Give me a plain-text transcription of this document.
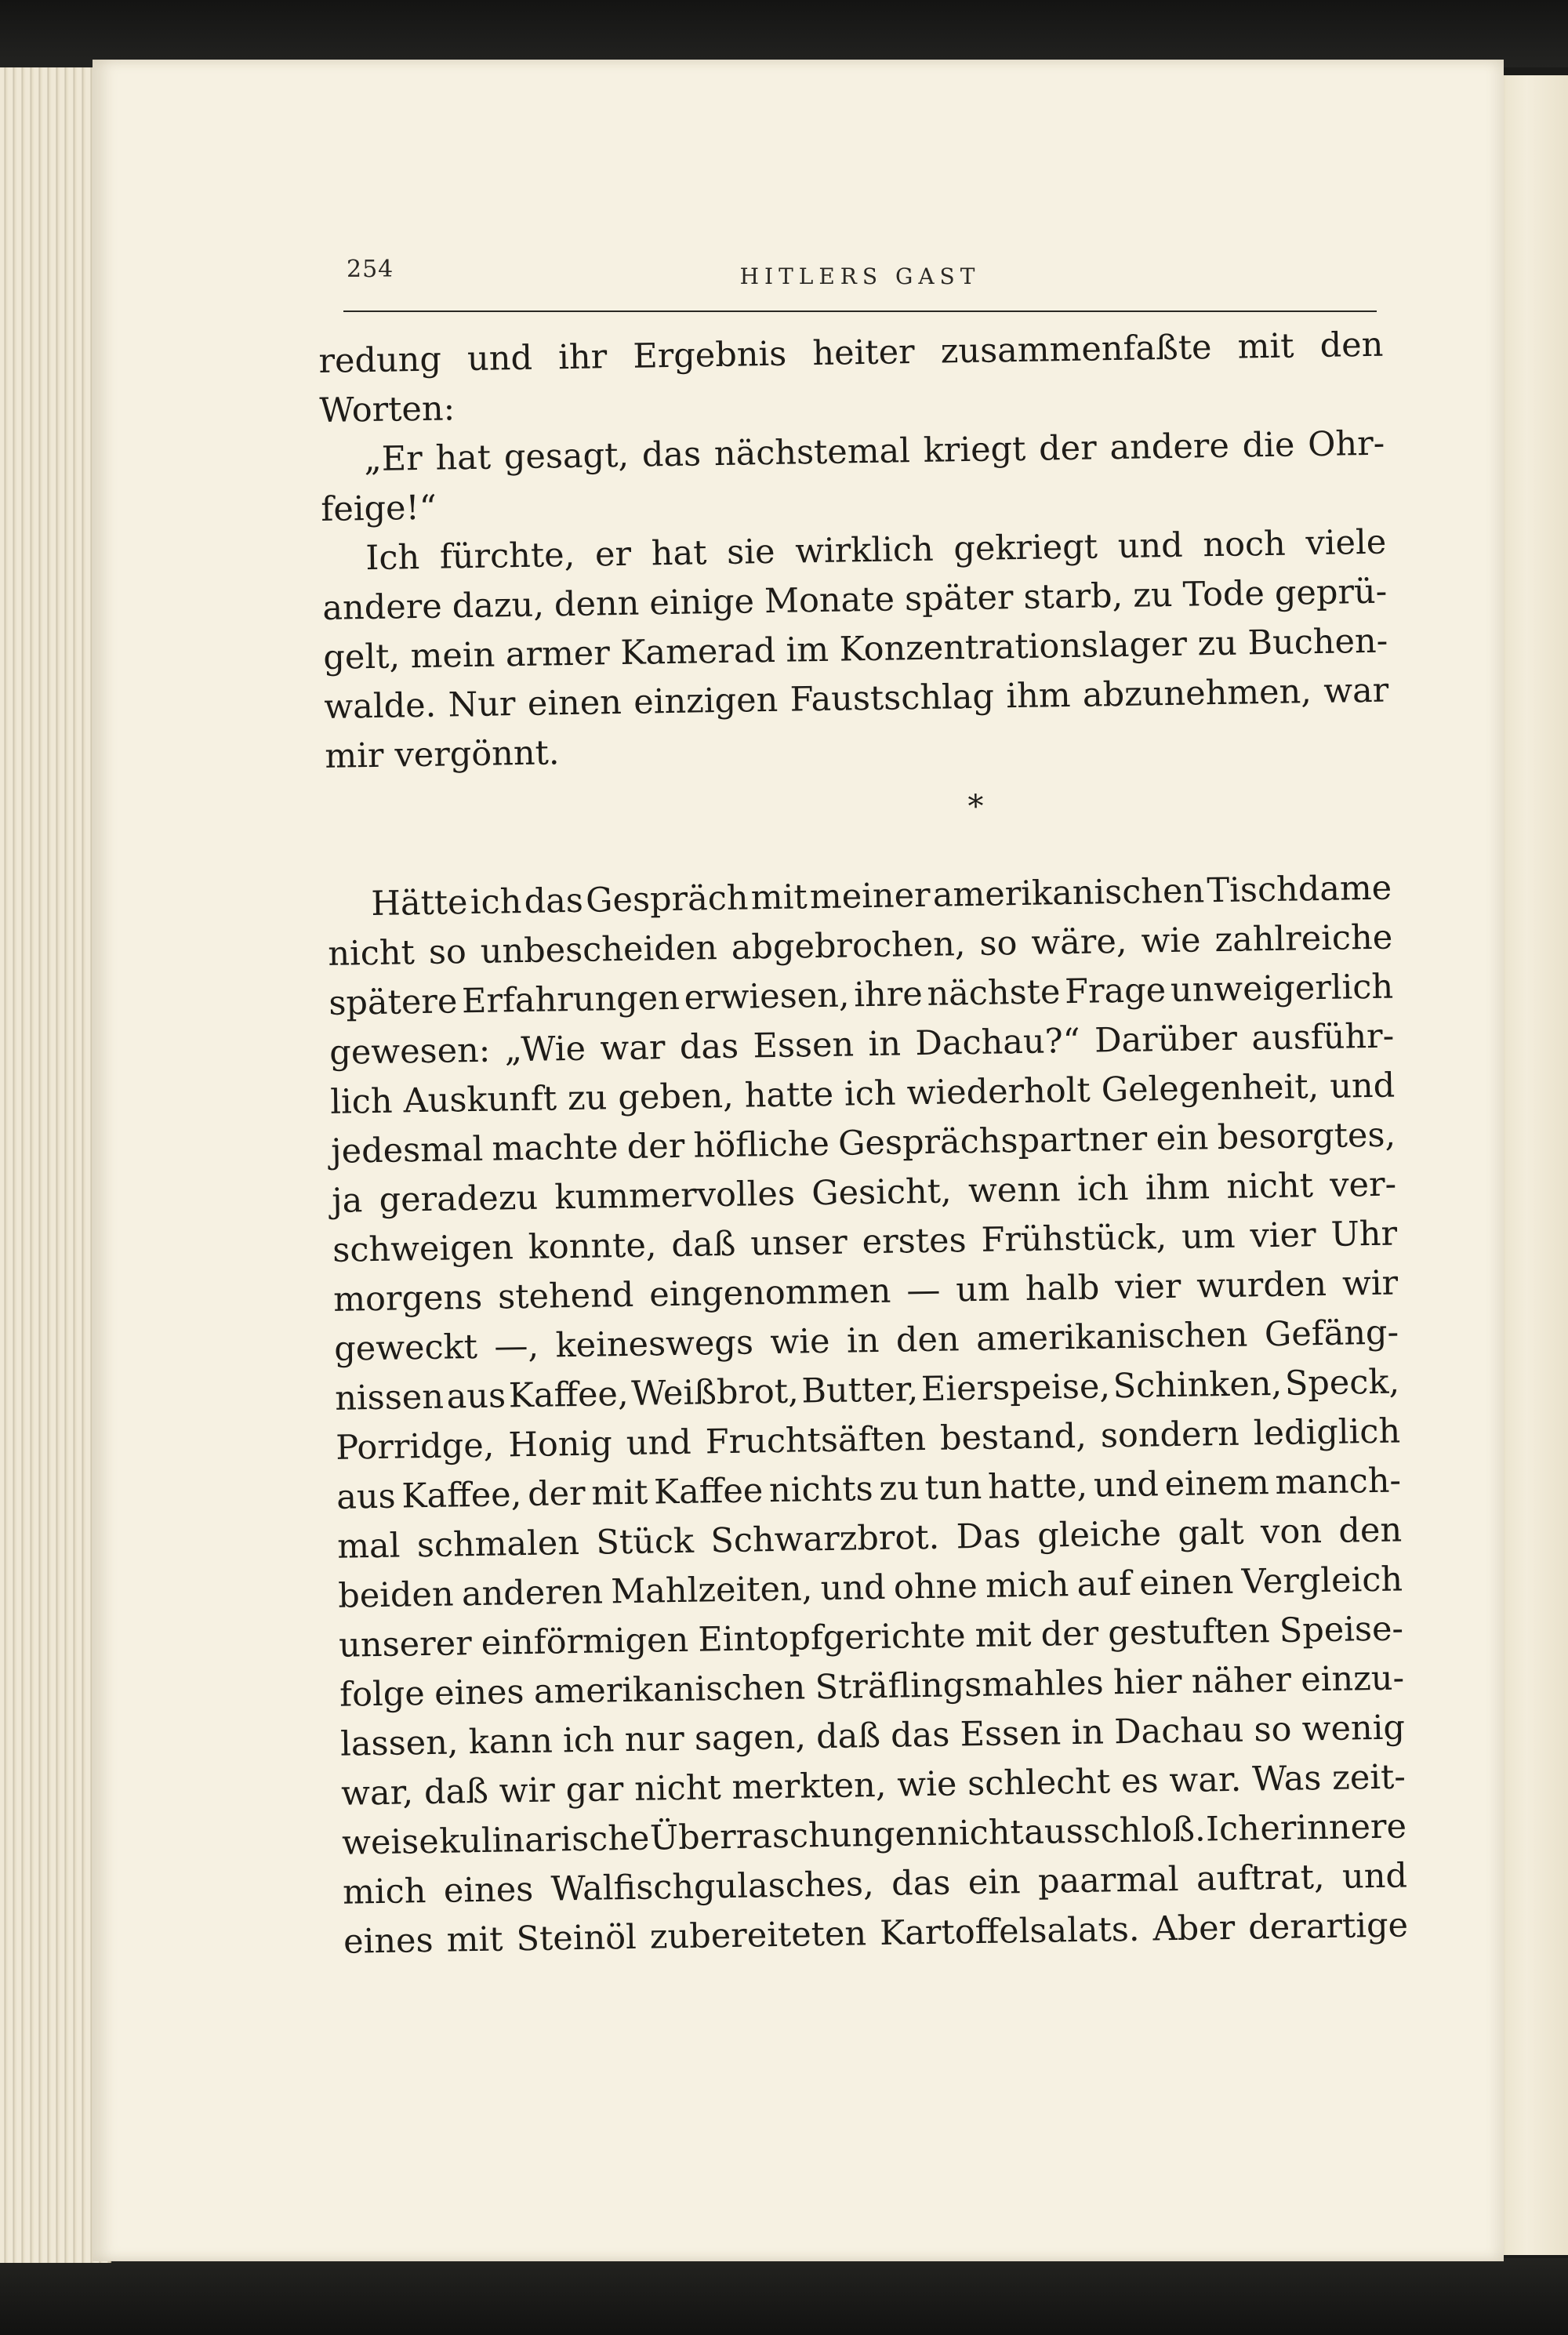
254	HITLERS GAST
redung und ihr Ergebnis heiter zusammenfaßte mit den
Worten:
„Er hat gesagt, das nächstemal kriegt der andere die Ohr-
feige!“
Ich fürchte, er hat sie wirklich gekriegt und noch viele
andere dazu, denn einige Monate später starb, zu Tode geprü-
gelt, mein armer Kamerad im Konzentrationslager zu Buchen-
walde. Nur einen einzigen Faustschlag ihm abzunehmen, war
mir vergönnt.
*
Hätte ich das Gespräch mit meiner amerikanischen Tischdame
nicht so unbescheiden abgebrochen, so wäre, wie zahlreiche
spätere Erfahrungen erwiesen, ihre nächste Frage unweigerlich
gewesen: „Wie war das Essen in Dachau?“ Darüber ausführ-
lich Auskunft zu geben, hatte ich wiederholt Gelegenheit, und
jedesmal machte der höfliche Gesprächspartner ein besorgtes,
ja geradezu kummervolles Gesicht, wenn ich ihm nicht ver-
schweigen konnte, daß unser erstes Frühstück, um vier Uhr
morgens stehend eingenommen — um halb vier wurden wir
geweckt —, keineswegs wie in den amerikanischen Gefäng-
nissen aus Kaffee, Weißbrot, Butter, Eierspeise, Schinken, Speck,
Porridge, Honig und Fruchtsäften bestand, sondern lediglich
aus Kaffee, der mit Kaffee nichts zu tun hatte, und einem manch-
mal schmalen Stück Schwarzbrot. Das gleiche galt von den
beiden anderen Mahlzeiten, und ohne mich auf einen Vergleich
unserer einförmigen Eintopfgerichte mit der gestuften Speise-
folge eines amerikanischen Sträflingsmahles hier näher einzu-
lassen, kann ich nur sagen, daß das Essen in Dachau so wenig
war, daß wir gar nicht merkten, wie schlecht es war. Was zeit-
weise kulinarische Überraschungen nicht ausschloß. Ich erinnere
mich eines Walfischgulasches, das ein paarmal auftrat, und
eines mit Steinöl zubereiteten Kartoffelsalats. Aber derartige
